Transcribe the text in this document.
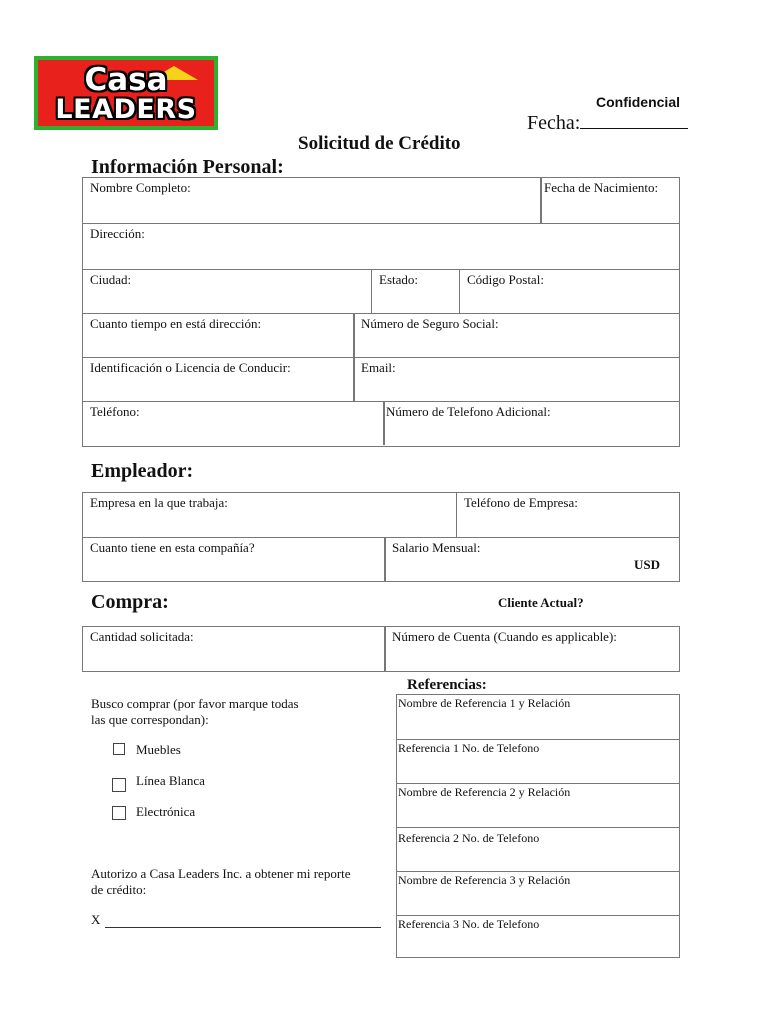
Casa
LEADERS	Confidencial
Fecha:
Solicitud de Crédito
Información Personal:
Nombre Completo:	Fecha de Nacimiento:
Dirección:
Ciudad:	Estado:	Código Postal:
Cuanto tiempo en está dirección:	Número de Seguro Social:
Identificación o Licencia de Conducir:	Email:
Teléfono:	Número de Telefono Adicional:
Empleador:
Empresa en la que trabaja:	Teléfono de Empresa:
Cuanto tiene en esta compañía?	Salario Mensual:
USD
Compra:	Cliente Actual?
Cantidad solicitada:	Número de Cuenta (Cuando es applicable):
Busco comprar (por favor marque todas
las que correspondan):
Muebles
Línea Blanca
Electrónica
Autorizo a Casa Leaders Inc. a obtener mi reporte
de crédito:
X
Referencias:
Nombre de Referencia 1 y Relación
Referencia 1 No. de Telefono
Nombre de Referencia 2 y Relación
Referencia 2 No. de Telefono
Nombre de Referencia 3 y Relación
Referencia 3 No. de Telefono
